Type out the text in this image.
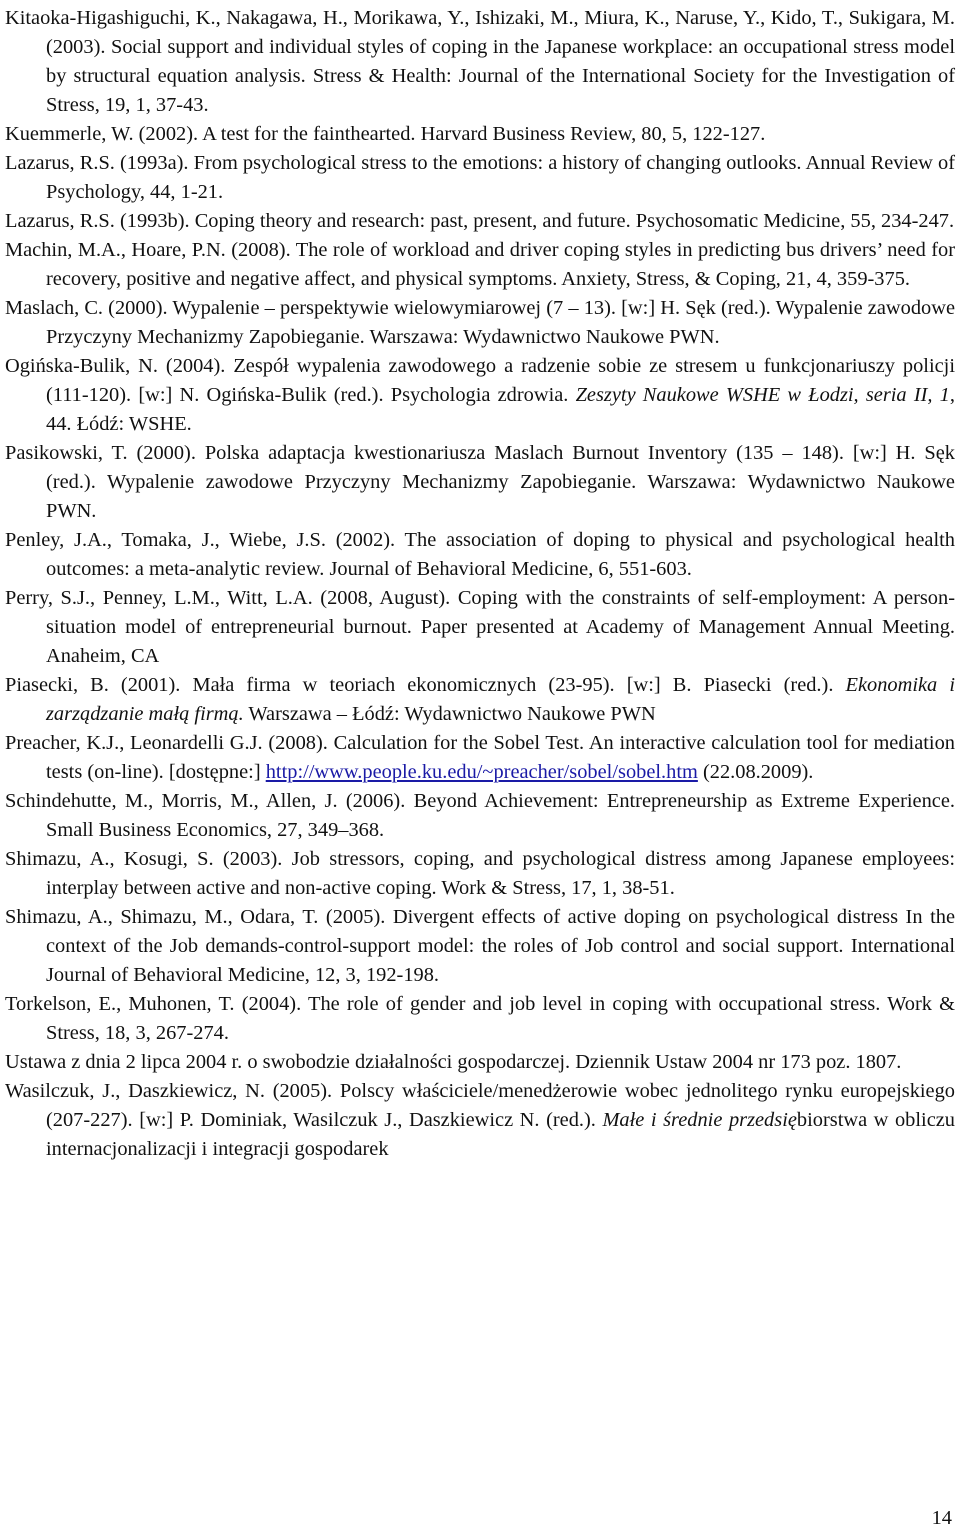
Kitaoka-Higashiguchi, K., Nakagawa, H., Morikawa, Y., Ishizaki, M., Miura, K., Naruse, Y., Kido, T., Sukigara, M. (2003). Social support and individual styles of coping in the Japanese workplace: an occupational stress model by structural equation analysis. Stress & Health: Journal of the International Society for the Investigation of Stress, 19, 1, 37-43.

Kuemmerle, W. (2002). A test for the fainthearted. Harvard Business Review, 80, 5, 122-127.

Lazarus, R.S. (1993a). From psychological stress to the emotions: a history of changing outlooks. Annual Review of Psychology, 44, 1-21.

Lazarus, R.S. (1993b). Coping theory and research: past, present, and future. Psychosomatic Medicine, 55, 234-247.

Machin, M.A., Hoare, P.N. (2008). The role of workload and driver coping styles in predicting bus drivers’ need for recovery, positive and negative affect, and physical symptoms. Anxiety, Stress, & Coping, 21, 4, 359-375.

Maslach, C. (2000). Wypalenie – perspektywie wielowymiarowej (7 – 13). [w:] H. Sęk (red.). Wypalenie zawodowe Przyczyny Mechanizmy Zapobieganie. Warszawa: Wydawnictwo Naukowe PWN.

Ogińska-Bulik, N. (2004). Zespół wypalenia zawodowego a radzenie sobie ze stresem u funkcjonariuszy policji (111-120). [w:] N. Ogińska-Bulik (red.). Psychologia zdrowia. Zeszyty Naukowe WSHE w Łodzi, seria II, 1, 44. Łódź: WSHE.

Pasikowski, T. (2000). Polska adaptacja kwestionariusza Maslach Burnout Inventory (135 – 148). [w:] H. Sęk (red.). Wypalenie zawodowe Przyczyny Mechanizmy Zapobieganie. Warszawa: Wydawnictwo Naukowe PWN.

Penley, J.A., Tomaka, J., Wiebe, J.S. (2002). The association of doping to physical and psychological health outcomes: a meta-analytic review. Journal of Behavioral Medicine, 6, 551-603.

Perry, S.J., Penney, L.M., Witt, L.A. (2008, August). Coping with the constraints of self-employment: A person-situation model of entrepreneurial burnout. Paper presented at Academy of Management Annual Meeting. Anaheim, CA

Piasecki, B. (2001). Mała firma w teoriach ekonomicznych (23-95). [w:] B. Piasecki (red.). Ekonomika i zarządzanie małą firmą. Warszawa – Łódź: Wydawnictwo Naukowe PWN

Preacher, K.J., Leonardelli G.J. (2008). Calculation for the Sobel Test. An interactive calculation tool for mediation tests (on-line). [dostępne:] http://www.people.ku.edu/~preacher/sobel/sobel.htm (22.08.2009).

Schindehutte, M., Morris, M., Allen, J. (2006). Beyond Achievement: Entrepreneurship as Extreme Experience. Small Business Economics, 27, 349–368.

Shimazu, A., Kosugi, S. (2003). Job stressors, coping, and psychological distress among Japanese employees: interplay between active and non-active coping. Work & Stress, 17, 1, 38-51.

Shimazu, A., Shimazu, M., Odara, T. (2005). Divergent effects of active doping on psychological distress In the context of the Job demands-control-support model: the roles of Job control and social support. International Journal of Behavioral Medicine, 12, 3, 192-198.

Torkelson, E., Muhonen, T. (2004). The role of gender and job level in coping with occupational stress. Work & Stress, 18, 3, 267-274.

Ustawa z dnia 2 lipca 2004 r. o swobodzie działalności gospodarczej. Dziennik Ustaw 2004 nr 173 poz. 1807.

Wasilczuk, J., Daszkiewicz, N. (2005). Polscy właściciele/menedżerowie wobec jednolitego rynku europejskiego (207-227). [w:] P. Dominiak, Wasilczuk J., Daszkiewicz N. (red.). Małe i średnie przedsiębiorstwa w obliczu internacjonalizacji i integracji gospodarek

14
